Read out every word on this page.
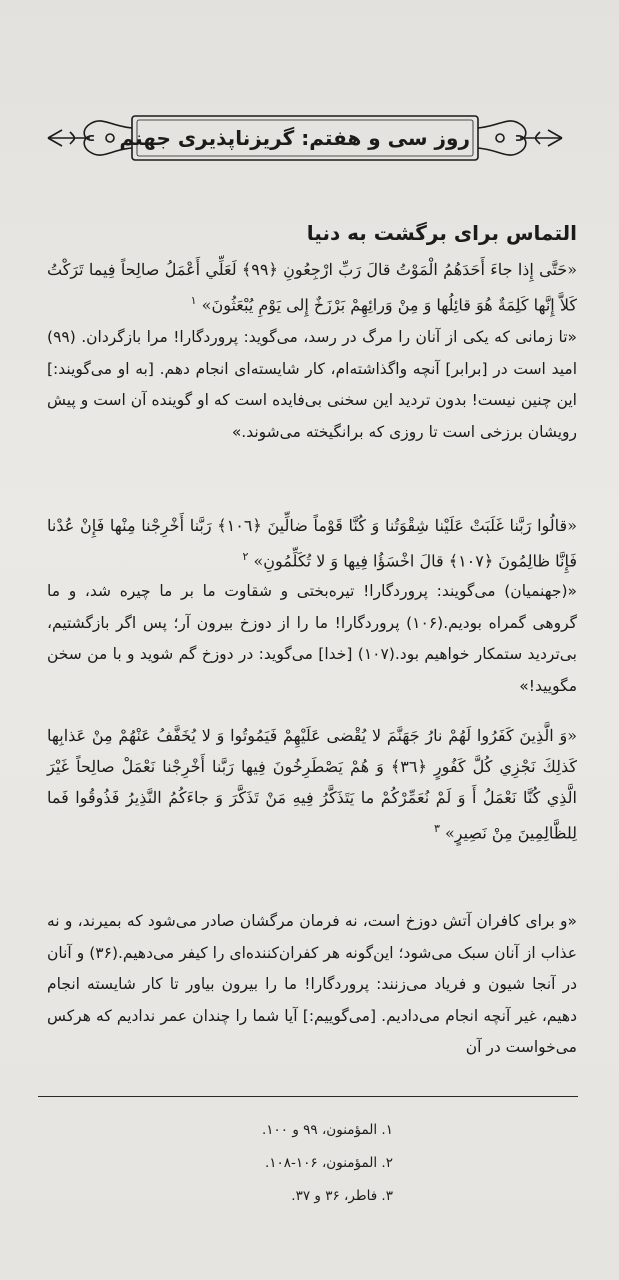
روز سی و هفتم: گریزناپذیری جهنم
التماس برای برگشت به دنیا
«حَتَّى إِذا جاءَ أَحَدَهُمُ الْمَوْتُ قالَ رَبِّ ارْجِعُونِ ﴿٩٩﴾ لَعَلِّي أَعْمَلُ صالِحاً فِيما تَرَكْتُ كَلاَّ إِنَّها كَلِمَةٌ هُوَ قائِلُها وَ مِنْ وَرائِهِمْ بَرْزَخٌ إِلى يَوْمِ يُبْعَثُونَ» $^۱$
«تا زمانی که یکی از آنان را مرگ در رسد، می‌گوید: پروردگارا! مرا بازگردان. (۹۹) امید است در [برابر] آنچه واگذاشته‌ام، کار شایسته‌ای انجام دهم. [به او می‌گویند:] این چنین نیست! بدون تردید این سخنی بی‌فایده است که او گوینده آن است و پیش رویشان برزخی است تا روزی که برانگیخته می‌شوند.»
«قالُوا رَبَّنا غَلَبَتْ عَلَيْنا شِقْوَتُنا وَ كُنَّا قَوْماً ضالِّينَ ﴿١٠٦﴾ رَبَّنا أَخْرِجْنا مِنْها فَإِنْ عُدْنا فَإِنَّا ظالِمُونَ ﴿١٠٧﴾ قالَ اخْسَؤُا فِيها وَ لا تُكَلِّمُونِ» $^۲$
«(جهنمیان) می‌گویند: پروردگارا! تیره‌بختی و شقاوت ما بر ما چیره شد، و ما گروهی گمراه بودیم.(۱۰۶) پروردگارا! ما را از دوزخ بیرون آر؛ پس اگر بازگشتیم، بی‌تردید ستمکار خواهیم بود.(۱۰۷) [خدا] می‌گوید: در دوزخ گم شوید و با من سخن مگویید!»
«وَ الَّذِينَ كَفَرُوا لَهُمْ نارُ جَهَنَّمَ لا يُقْضى عَلَيْهِمْ فَيَمُوتُوا وَ لا يُخَفَّفُ عَنْهُمْ مِنْ عَذابِها كَذلِكَ نَجْزِي كُلَّ كَفُورٍ ﴿٣٦﴾ وَ هُمْ يَصْطَرِخُونَ فِيها رَبَّنا أَخْرِجْنا نَعْمَلْ صالِحاً غَيْرَ الَّذِي كُنَّا نَعْمَلُ أَ وَ لَمْ نُعَمِّرْكُمْ ما يَتَذَكَّرُ فِيهِ مَنْ تَذَكَّرَ وَ جاءَكُمُ النَّذِيرُ فَذُوقُوا فَما لِلظَّالِمِينَ مِنْ نَصِيرٍ» $^۳$
«و برای کافران آتش دوزخ است، نه فرمان مرگشان صادر می‌شود که بمیرند، و نه عذاب از آنان سبک می‌شود؛ این‌گونه هر کفران‌کننده‌ای را کیفر می‌دهیم.(۳۶) و آنان در آنجا شیون و فریاد می‌زنند: پروردگارا! ما را بیرون بیاور تا کار شایسته انجام دهیم، غیر آنچه انجام می‌دادیم. [می‌گوییم:] آیا شما را چندان عمر ندادیم که هرکس می‌خواست در آن
۱. المؤمنون، ۹۹ و ۱۰۰.
۲. المؤمنون، ۱۰۶-۱۰۸.
۳. فاطر، ۳۶ و ۳۷.
